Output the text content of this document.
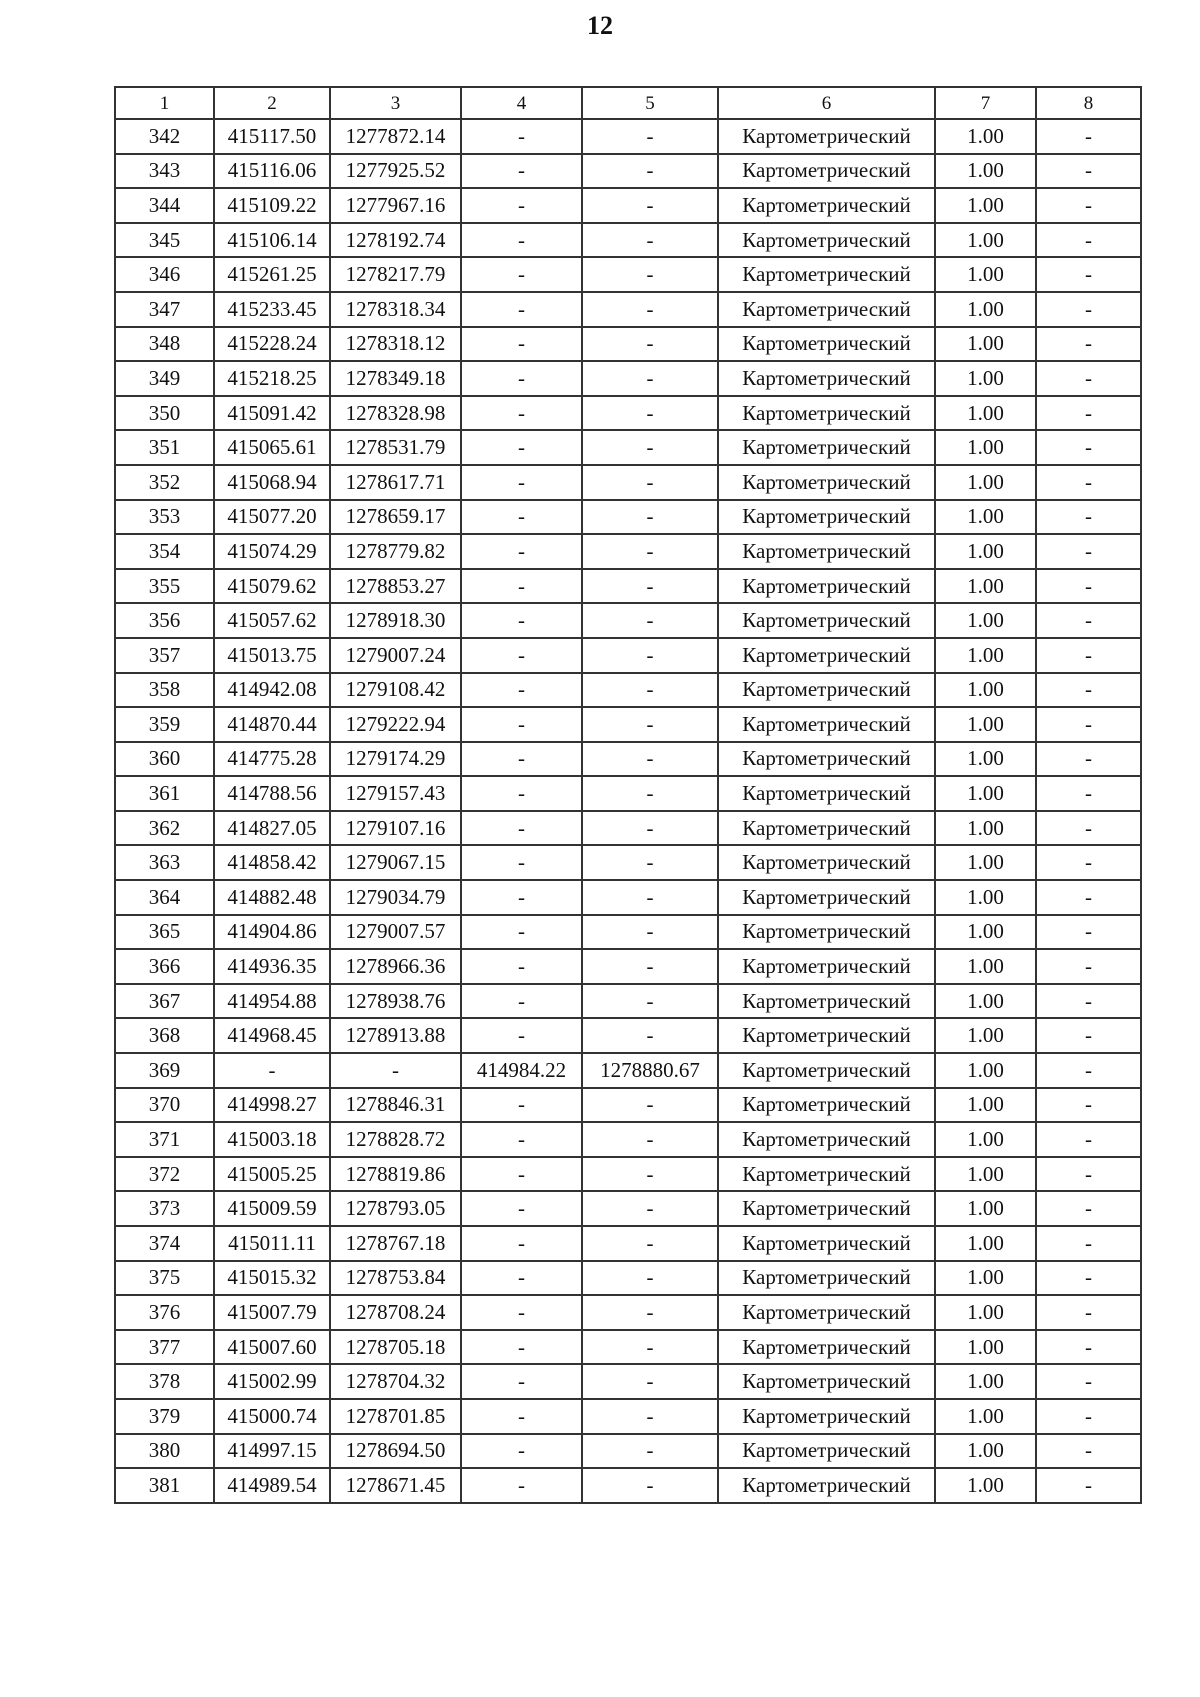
12
1	2	3	4	5	6	7	8
342	415117.50	1277872.14	-	-	Картометрический	1.00	-
343	415116.06	1277925.52	-	-	Картометрический	1.00	-
344	415109.22	1277967.16	-	-	Картометрический	1.00	-
345	415106.14	1278192.74	-	-	Картометрический	1.00	-
346	415261.25	1278217.79	-	-	Картометрический	1.00	-
347	415233.45	1278318.34	-	-	Картометрический	1.00	-
348	415228.24	1278318.12	-	-	Картометрический	1.00	-
349	415218.25	1278349.18	-	-	Картометрический	1.00	-
350	415091.42	1278328.98	-	-	Картометрический	1.00	-
351	415065.61	1278531.79	-	-	Картометрический	1.00	-
352	415068.94	1278617.71	-	-	Картометрический	1.00	-
353	415077.20	1278659.17	-	-	Картометрический	1.00	-
354	415074.29	1278779.82	-	-	Картометрический	1.00	-
355	415079.62	1278853.27	-	-	Картометрический	1.00	-
356	415057.62	1278918.30	-	-	Картометрический	1.00	-
357	415013.75	1279007.24	-	-	Картометрический	1.00	-
358	414942.08	1279108.42	-	-	Картометрический	1.00	-
359	414870.44	1279222.94	-	-	Картометрический	1.00	-
360	414775.28	1279174.29	-	-	Картометрический	1.00	-
361	414788.56	1279157.43	-	-	Картометрический	1.00	-
362	414827.05	1279107.16	-	-	Картометрический	1.00	-
363	414858.42	1279067.15	-	-	Картометрический	1.00	-
364	414882.48	1279034.79	-	-	Картометрический	1.00	-
365	414904.86	1279007.57	-	-	Картометрический	1.00	-
366	414936.35	1278966.36	-	-	Картометрический	1.00	-
367	414954.88	1278938.76	-	-	Картометрический	1.00	-
368	414968.45	1278913.88	-	-	Картометрический	1.00	-
369	-	-	414984.22	1278880.67	Картометрический	1.00	-
370	414998.27	1278846.31	-	-	Картометрический	1.00	-
371	415003.18	1278828.72	-	-	Картометрический	1.00	-
372	415005.25	1278819.86	-	-	Картометрический	1.00	-
373	415009.59	1278793.05	-	-	Картометрический	1.00	-
374	415011.11	1278767.18	-	-	Картометрический	1.00	-
375	415015.32	1278753.84	-	-	Картометрический	1.00	-
376	415007.79	1278708.24	-	-	Картометрический	1.00	-
377	415007.60	1278705.18	-	-	Картометрический	1.00	-
378	415002.99	1278704.32	-	-	Картометрический	1.00	-
379	415000.74	1278701.85	-	-	Картометрический	1.00	-
380	414997.15	1278694.50	-	-	Картометрический	1.00	-
381	414989.54	1278671.45	-	-	Картометрический	1.00	-
